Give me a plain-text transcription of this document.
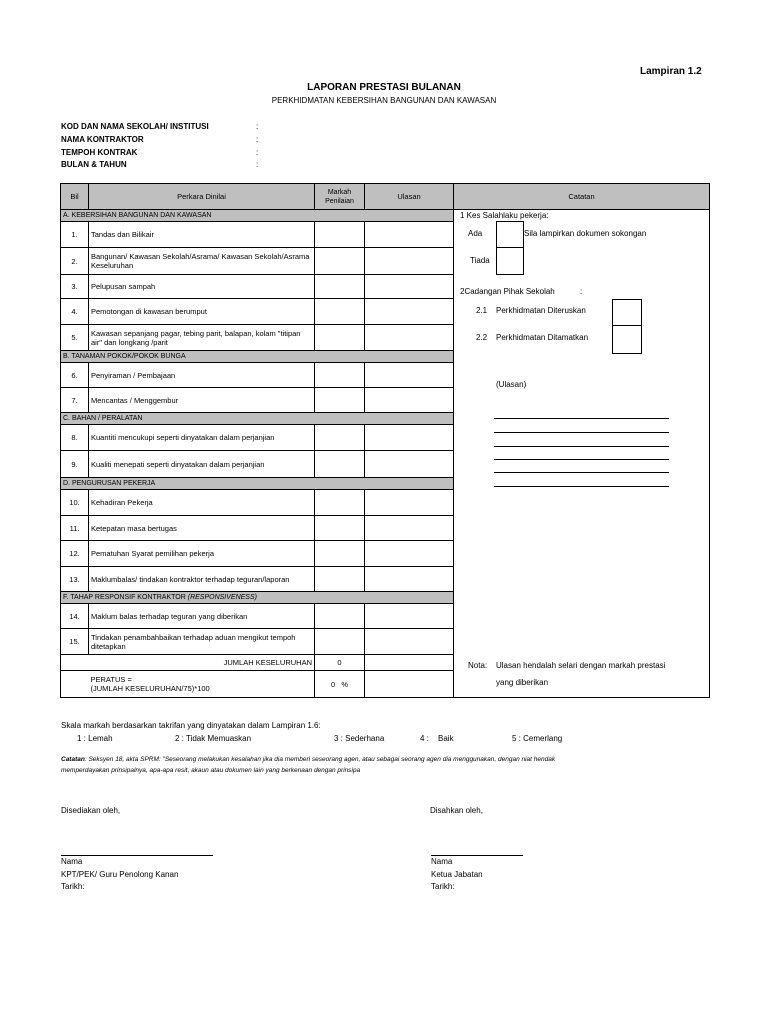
Lampiran 1.2
LAPORAN PRESTASI BULANAN
PERKHIDMATAN KEBERSIHAN BANGUNAN DAN KAWASAN
KOD DAN NAMA SEKOLAH/ INSTITUSI	:
NAMA KONTRAKTOR	:
TEMPOH KONTRAK	:
BULAN & TAHUN	:
Bil	Perkara Dinilai	Markah Penilaian	Ulasan	Catatan
A. KEBERSIHAN BANGUNAN DAN KAWASAN				
1.	Tandas dan Bilikair			
2.	Bangunan/ Kawasan Sekolah/Asrama/ Kawasan Sekolah/Asrama Keseluruhan			
3.	Pelupusan sampah			
4.	Pemotongan di kawasan berumput			
5.	Kawasan sepanjang pagar, tebing parit, balapan, kolam "titipan air" dan longkang /parit			
B. TANAMAN POKOK/POKOK BUNGA				
6.	Penyiraman / Pembajaan			
7.	Mencantas / Menggembur			
C. BAHAN / PERALATAN				
8.	Kuantiti mencukupi seperti dinyatakan dalam perjanjian			
9.	Kualiti menepati seperti dinyatakan dalam perjanjian			
D. PENGURUSAN PEKERJA				
10.	Kehadiran Pekerja			
11.	Ketepatan masa bertugas			
12.	Pematuhan Syarat pemilihan pekerja			
13.	Maklumbalas/ tindakan kontraktor terhadap teguran/laporan			
F. TAHAP RESPONSIF KONTRAKTOR (RESPONSIVENESS)				
14.	Maklum balas terhadap teguran yang diberikan			
15.	Tindakan penambahbaikan terhadap aduan mengikut tempoh ditetapkan			
	JUMLAH KESELURUHAN	0		
	PERATUS =
(JUMLAH KESELURUHAN/75)*100	0 %		
1 Kes Salahlaku pekerja:
Ada	Sila lampirkan dokumen sokongan
Tiada
2Cadangan Pihak Sekolah	:
2.1 Perkhidmatan Diteruskan
2.2 Perkhidmatan Ditamatkan
(Ulasan)
Nota: Ulasan hendalah selari dengan markah prestasi
yang diberikan
Skala markah berdasarkan takrifan yang dinyatakan dalam Lampiran 1.6:
1 : Lemah	2 : Tidak Memuaskan	3 : Sederhana	4 : Baik	5 : Cemerlang
Catatan: Seksyen 18, akta SPRM: "Seseorang melakukan kesalahan jika dia memberi seseorang agen, atau sebagai seorang agen dia menggunakan, dengan niat hendak
memperdayakan prinsipalnya, apa-apa resit, akaun atau dokumen lain yang berkenaan dengan prinsipa
Disediakan oleh,	Disahkan oleh,
Nama
KPT/PEK/ Guru Penolong Kanan
Tarikh:
Nama
Ketua Jabatan
Tarikh:
